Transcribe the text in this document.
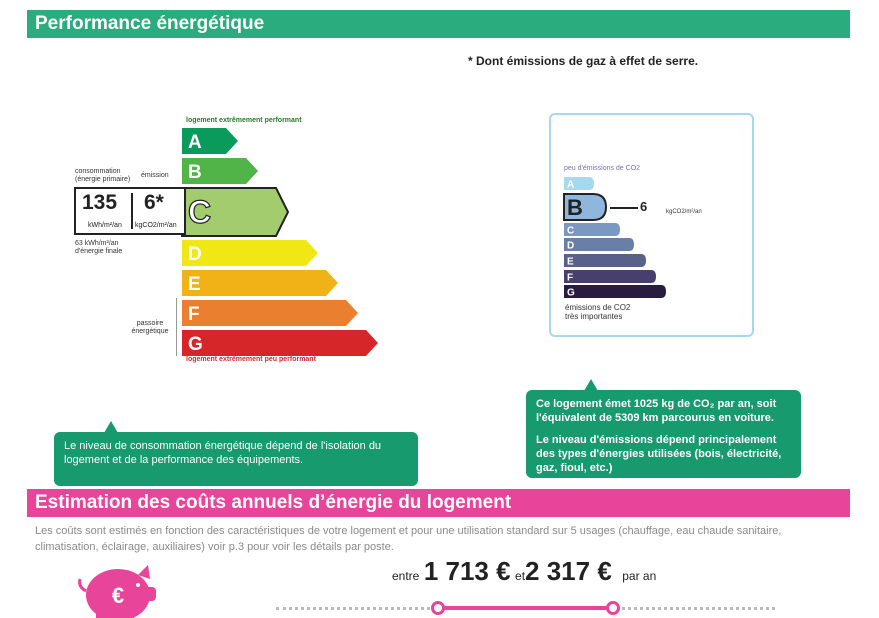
Performance énergétique
* Dont émissions de gaz à effet de serre.
logement extrêmement performant
A
B
C
D
E
F
G
logement extrêmement peu performant
consommation (énergie primaire)
émission
135 6*
kWh/m²/an kgCO2/m²/an
63 kWh/m²/an d'énergie finale
passoire énergétique
peu d'émissions de CO2
A
B
C
D
E
F
G
6	kgCO2/m²/an
émissions de CO2 très importantes
Le niveau de consommation énergétique dépend de l'isolation du logement et de la performance des équipements.

Ce logement émet 1025 kg de CO₂ par an, soit l'équivalent de 5309 km parcourus en voiture.

Le niveau d'émissions dépend principalement des types d'énergies utilisées (bois, électricité, gaz, fioul, etc.)

Estimation des coûts annuels d’énergie du logement
Les coûts sont estimés en fonction des caractéristiques de votre logement et pour une utilisation standard sur 5 usages (chauffage, eau chaude sanitaire, climatisation, éclairage, auxiliaires) voir p.3 pour voir les détails par poste.
€
entre 1 713 € et2 317 € par an
